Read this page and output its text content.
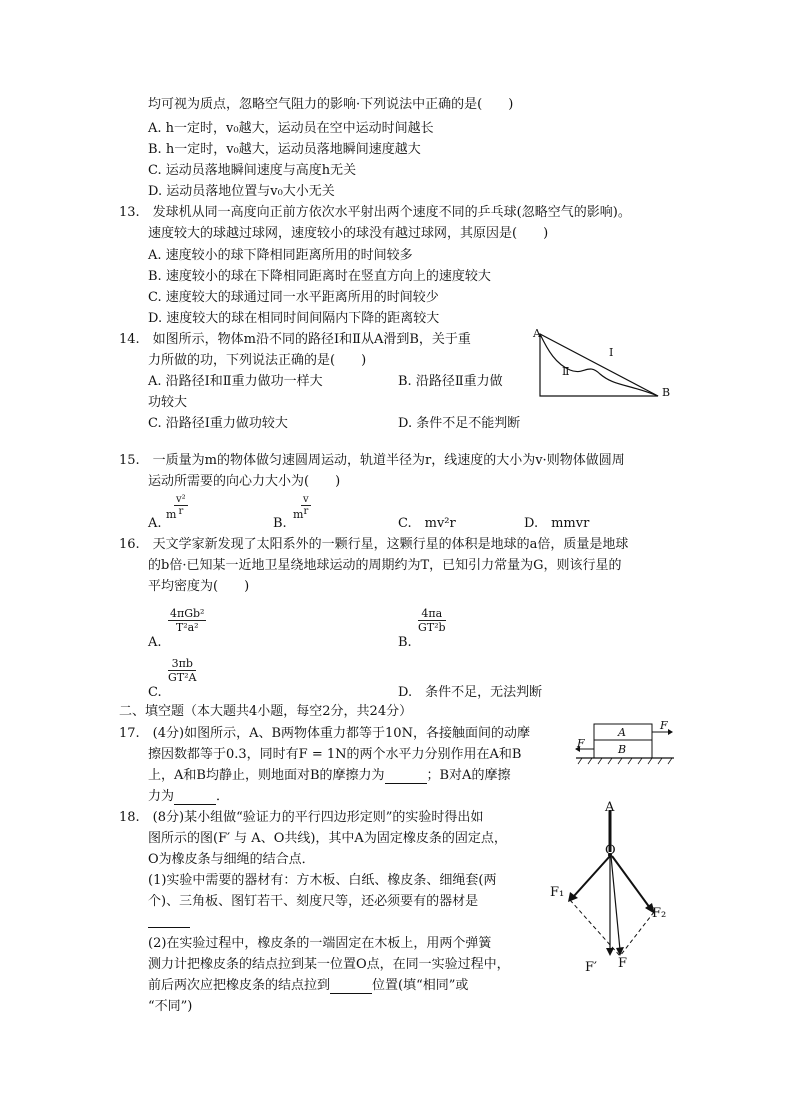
均可视为质点，忽略空气阻力的影响·下列说法中正确的是(　　)
A. h一定时，v₀越大，运动员在空中运动时间越长
B. h一定时，v₀越大，运动员落地瞬间速度越大
C. 运动员落地瞬间速度与高度h无关
D. 运动员落地位置与v₀大小无关
13.　发球机从同一高度向正前方依次水平射出两个速度不同的乒乓球(忽略空气的影响)。
速度较大的球越过球网，速度较小的球没有越过球网，其原因是(　　)
A. 速度较小的球下降相同距离所用的时间较多
B. 速度较小的球在下降相同距离时在竖直方向上的速度较大
C. 速度较大的球通过同一水平距离所用的时间较少
D. 速度较大的球在相同时间间隔内下降的距离较大
14.　如图所示，物体m沿不同的路径Ⅰ和Ⅱ从A滑到B，关于重
力所做的功，下列说法正确的是(　　)
A. 沿路径Ⅰ和Ⅱ重力做功一样大	B. 沿路径Ⅱ重力做
功较大
C. 沿路径Ⅰ重力做功较大	D. 条件不足不能判断
A
B
Ⅰ
Ⅱ
15.　一质量为m的物体做匀速圆周运动，轨道半径为r，线速度的大小为v·则物体做圆周
运动所需要的向心力大小为(　　)
A.
m
$\frac{\text{v²}}{r}$
B.
m
$\frac{v}{r}$
C.　mv²r	D.　mmvr
16.　天文学家新发现了太阳系外的一颗行星，这颗行星的体积是地球的a倍，质量是地球
的b倍·已知某一近地卫星绕地球运动的周期约为T，已知引力常量为G，则该行星的
平均密度为(　　)
A.
4πGb²
T²a²
B.
$\frac{4\pi a}{\text{GT²b}}$
C.
$\frac{3\pi b}{\text{GT²A}}$
D.　条件不足，无法判断
二、填空题（本大题共4小题，每空2分，共24分）
17.　(4分)如图所示，A、B两物体重力都等于10N，各接触面间的动摩
擦因数都等于0.3，同时有F = 1N的两个水平力分别作用在A和B
上，A和B均静止，则地面对B的摩擦力为	；B对A的摩擦
力为	．
A
B
F
F
18.　(8分)某小组做“验证力的平行四边形定则”的实验时得出如
图所示的图(F′ 与 A、O共线)，其中A为固定橡皮条的固定点，
O为橡皮条与细绳的结合点．
(1)实验中需要的器材有：方木板、白纸、橡皮条、细绳套(两
个)、三角板、图钉若干、刻度尺等，还必须要有的器材是
(2)在实验过程中，橡皮条的一端固定在木板上，用两个弹簧
测力计把橡皮条的结点拉到某一位置O点，在同一实验过程中，
前后两次应把橡皮条的结点拉到	位置(填“相同”或
“不同”)
A
O
F₁
F₂
F′ F
